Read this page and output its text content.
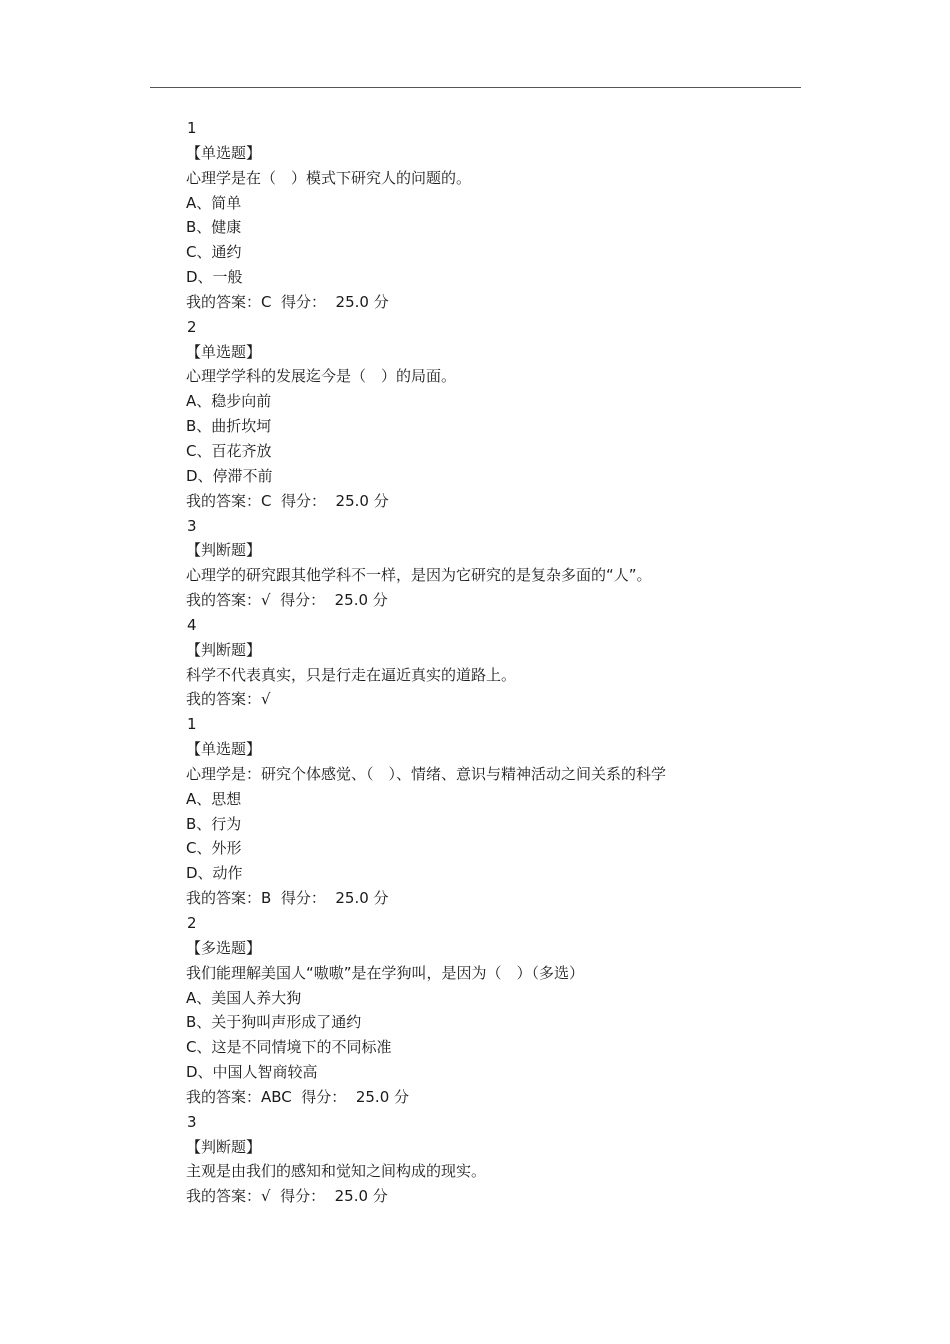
1
【单选题】
心理学是在（　）模式下研究人的问题的。
A、简单
B、健康
C、通约
D、一般
我的答案：C  得分：  25.0 分
2
【单选题】
心理学学科的发展迄今是（　）的局面。
A、稳步向前
B、曲折坎坷
C、百花齐放
D、停滞不前
我的答案：C  得分：  25.0 分
3
【判断题】
心理学的研究跟其他学科不一样，是因为它研究的是复杂多面的“人”。
我的答案：√  得分：  25.0 分
4
【判断题】
科学不代表真实，只是行走在逼近真实的道路上。
我的答案：√
1
【单选题】
心理学是：研究个体感觉、（　）、情绪、意识与精神活动之间关系的科学
A、思想
B、行为
C、外形
D、动作
我的答案：B  得分：  25.0 分
2
【多选题】
我们能理解美国人“嗷嗷”是在学狗叫，是因为（　）（多选）
A、美国人养大狗
B、关于狗叫声形成了通约
C、这是不同情境下的不同标准
D、中国人智商较高
我的答案：ABC  得分：  25.0 分
3
【判断题】
主观是由我们的感知和觉知之间构成的现实。
我的答案：√  得分：  25.0 分
